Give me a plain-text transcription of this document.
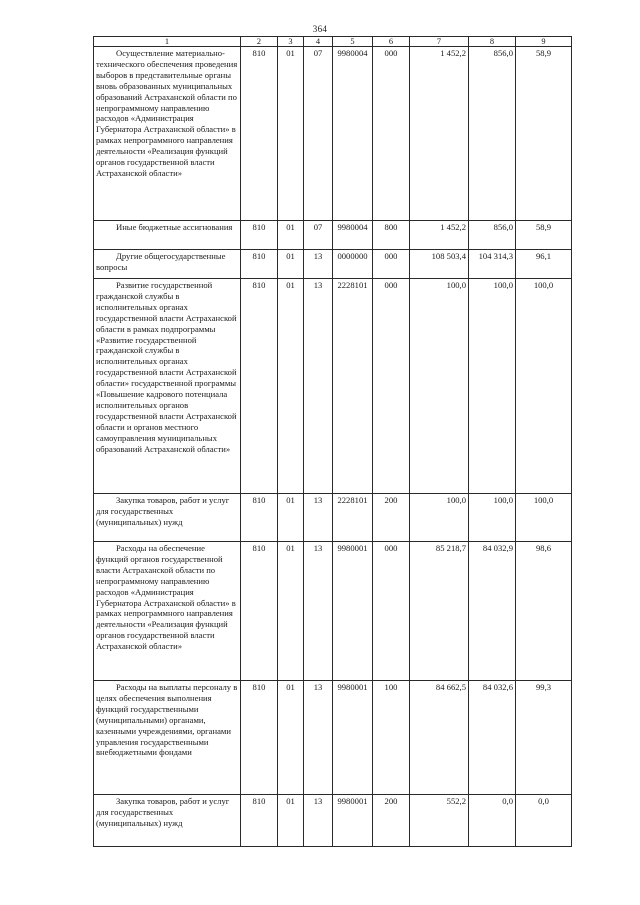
364
1	2	3	4	5	6	7	8	9

Осуществление материально-технического обеспечения проведения выборов в представительные органы вновь образованных муниципальных образований Астраханской области по непрограммному направлению расходов «Администрация Губернатора Астраханской области» в рамках непрограммного направления деятельности «Реализация функций органов государственной власти Астраханской области»	810	01	07	9980004	000	1 452,2	856,0	58,9

Иные бюджетные ассигнования	810	01	07	9980004	800	1 452,2	856,0	58,9

Другие общегосударственные вопросы	810	01	13	0000000	000	108 503,4	104 314,3	96,1

Развитие государственной гражданской службы в исполнительных органах государственной власти Астраханской области в рамках подпрограммы «Развитие государственной гражданской службы в исполнительных органах государственной власти Астраханской области» государственной программы «Повышение кадрового потенциала исполнительных органов государственной власти Астраханской области и органов местного самоуправления муниципальных образований Астраханской области»	810	01	13	2228101	000	100,0	100,0	100,0

Закупка товаров, работ и услуг для государственных (муниципальных) нужд	810	01	13	2228101	200	100,0	100,0	100,0

Расходы на обеспечение функций органов государственной власти Астраханской области по непрограммному направлению расходов «Администрация Губернатора Астраханской области» в рамках непрограммного направления деятельности «Реализация функций органов государственной власти Астраханской области»	810	01	13	9980001	000	85 218,7	84 032,9	98,6

Расходы на выплаты персоналу в целях обеспечения выполнения функций государственными (муниципальными) органами, казенными учреждениями, органами управления государственными внебюджетными фондами	810	01	13	9980001	100	84 662,5	84 032,6	99,3

Закупка товаров, работ и услуг для государственных (муниципальных) нужд	810	01	13	9980001	200	552,2	0,0	0,0
